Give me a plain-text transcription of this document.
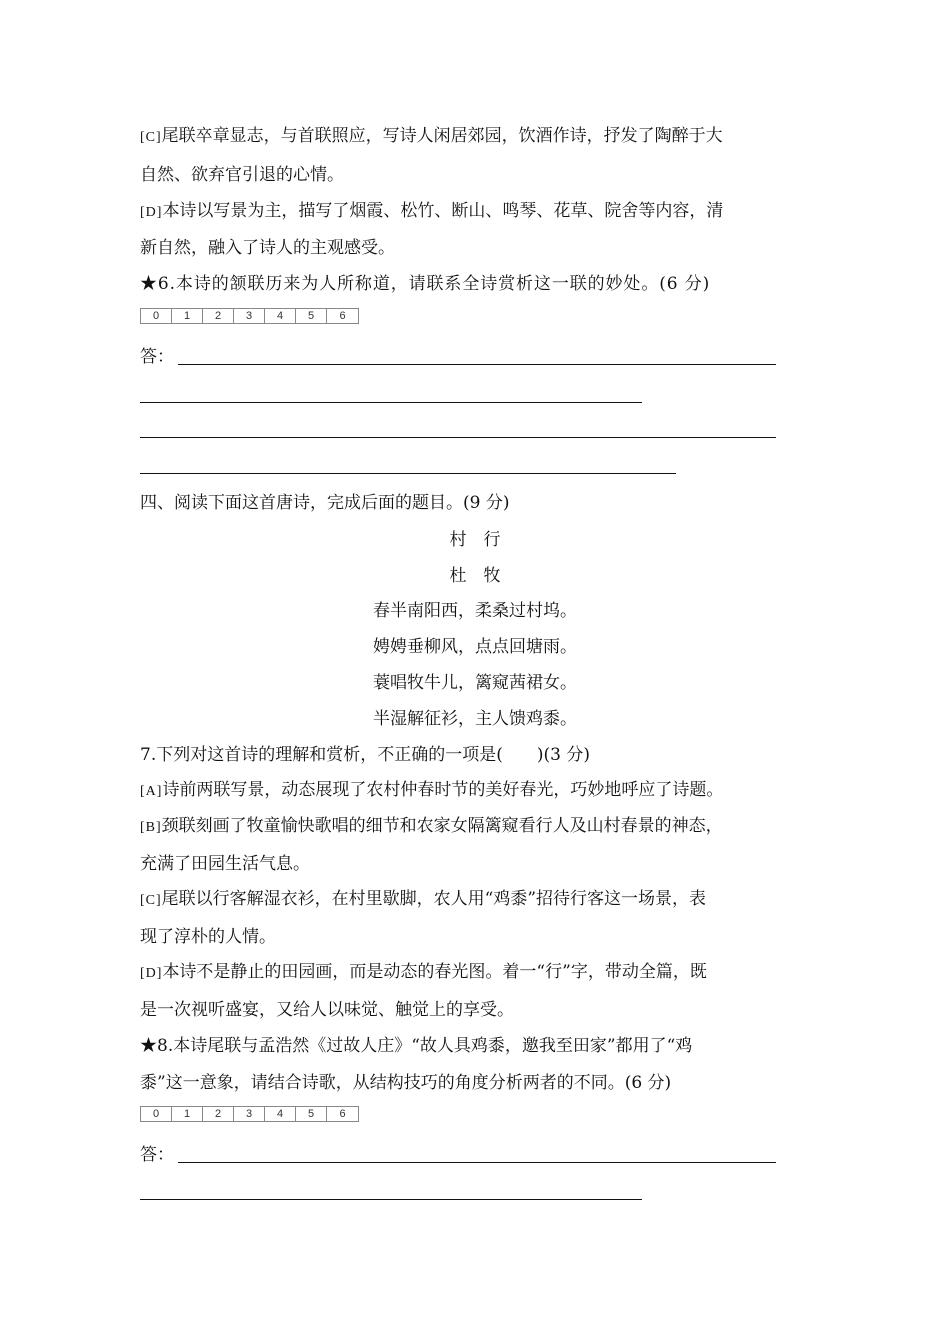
[C]尾联卒章显志，与首联照应，写诗人闲居郊园，饮酒作诗，抒发了陶醉于大
自然、欲弃官引退的心情。
[D]本诗以写景为主，描写了烟霞、松竹、断山、鸣琴、花草、院舍等内容，清
新自然，融入了诗人的主观感受。
★6.本诗的颔联历来为人所称道，请联系全诗赏析这一联的妙处。(6 分)
0	1	2	3	4	5	6
答：
四、阅读下面这首唐诗，完成后面的题目。(9 分)
村　行
杜　牧
春半南阳西，柔桑过村坞。
娉娉垂柳风，点点回塘雨。
蓑唱牧牛儿，篱窥茜裙女。
半湿解征衫，主人馈鸡黍。
7.下列对这首诗的理解和赏析，不正确的一项是(　　)(3 分)
[A]诗前两联写景，动态展现了农村仲春时节的美好春光，巧妙地呼应了诗题。
[B]颈联刻画了牧童愉快歌唱的细节和农家女隔篱窥看行人及山村春景的神态，
充满了田园生活气息。
[C]尾联以行客解湿衣衫，在村里歇脚，农人用“鸡黍”招待行客这一场景，表
现了淳朴的人情。
[D]本诗不是静止的田园画，而是动态的春光图。着一“行”字，带动全篇，既
是一次视听盛宴，又给人以味觉、触觉上的享受。
★8.本诗尾联与孟浩然《过故人庄》“故人具鸡黍，邀我至田家”都用了“鸡
黍”这一意象，请结合诗歌，从结构技巧的角度分析两者的不同。(6 分)
0	1	2	3	4	5	6
答：
